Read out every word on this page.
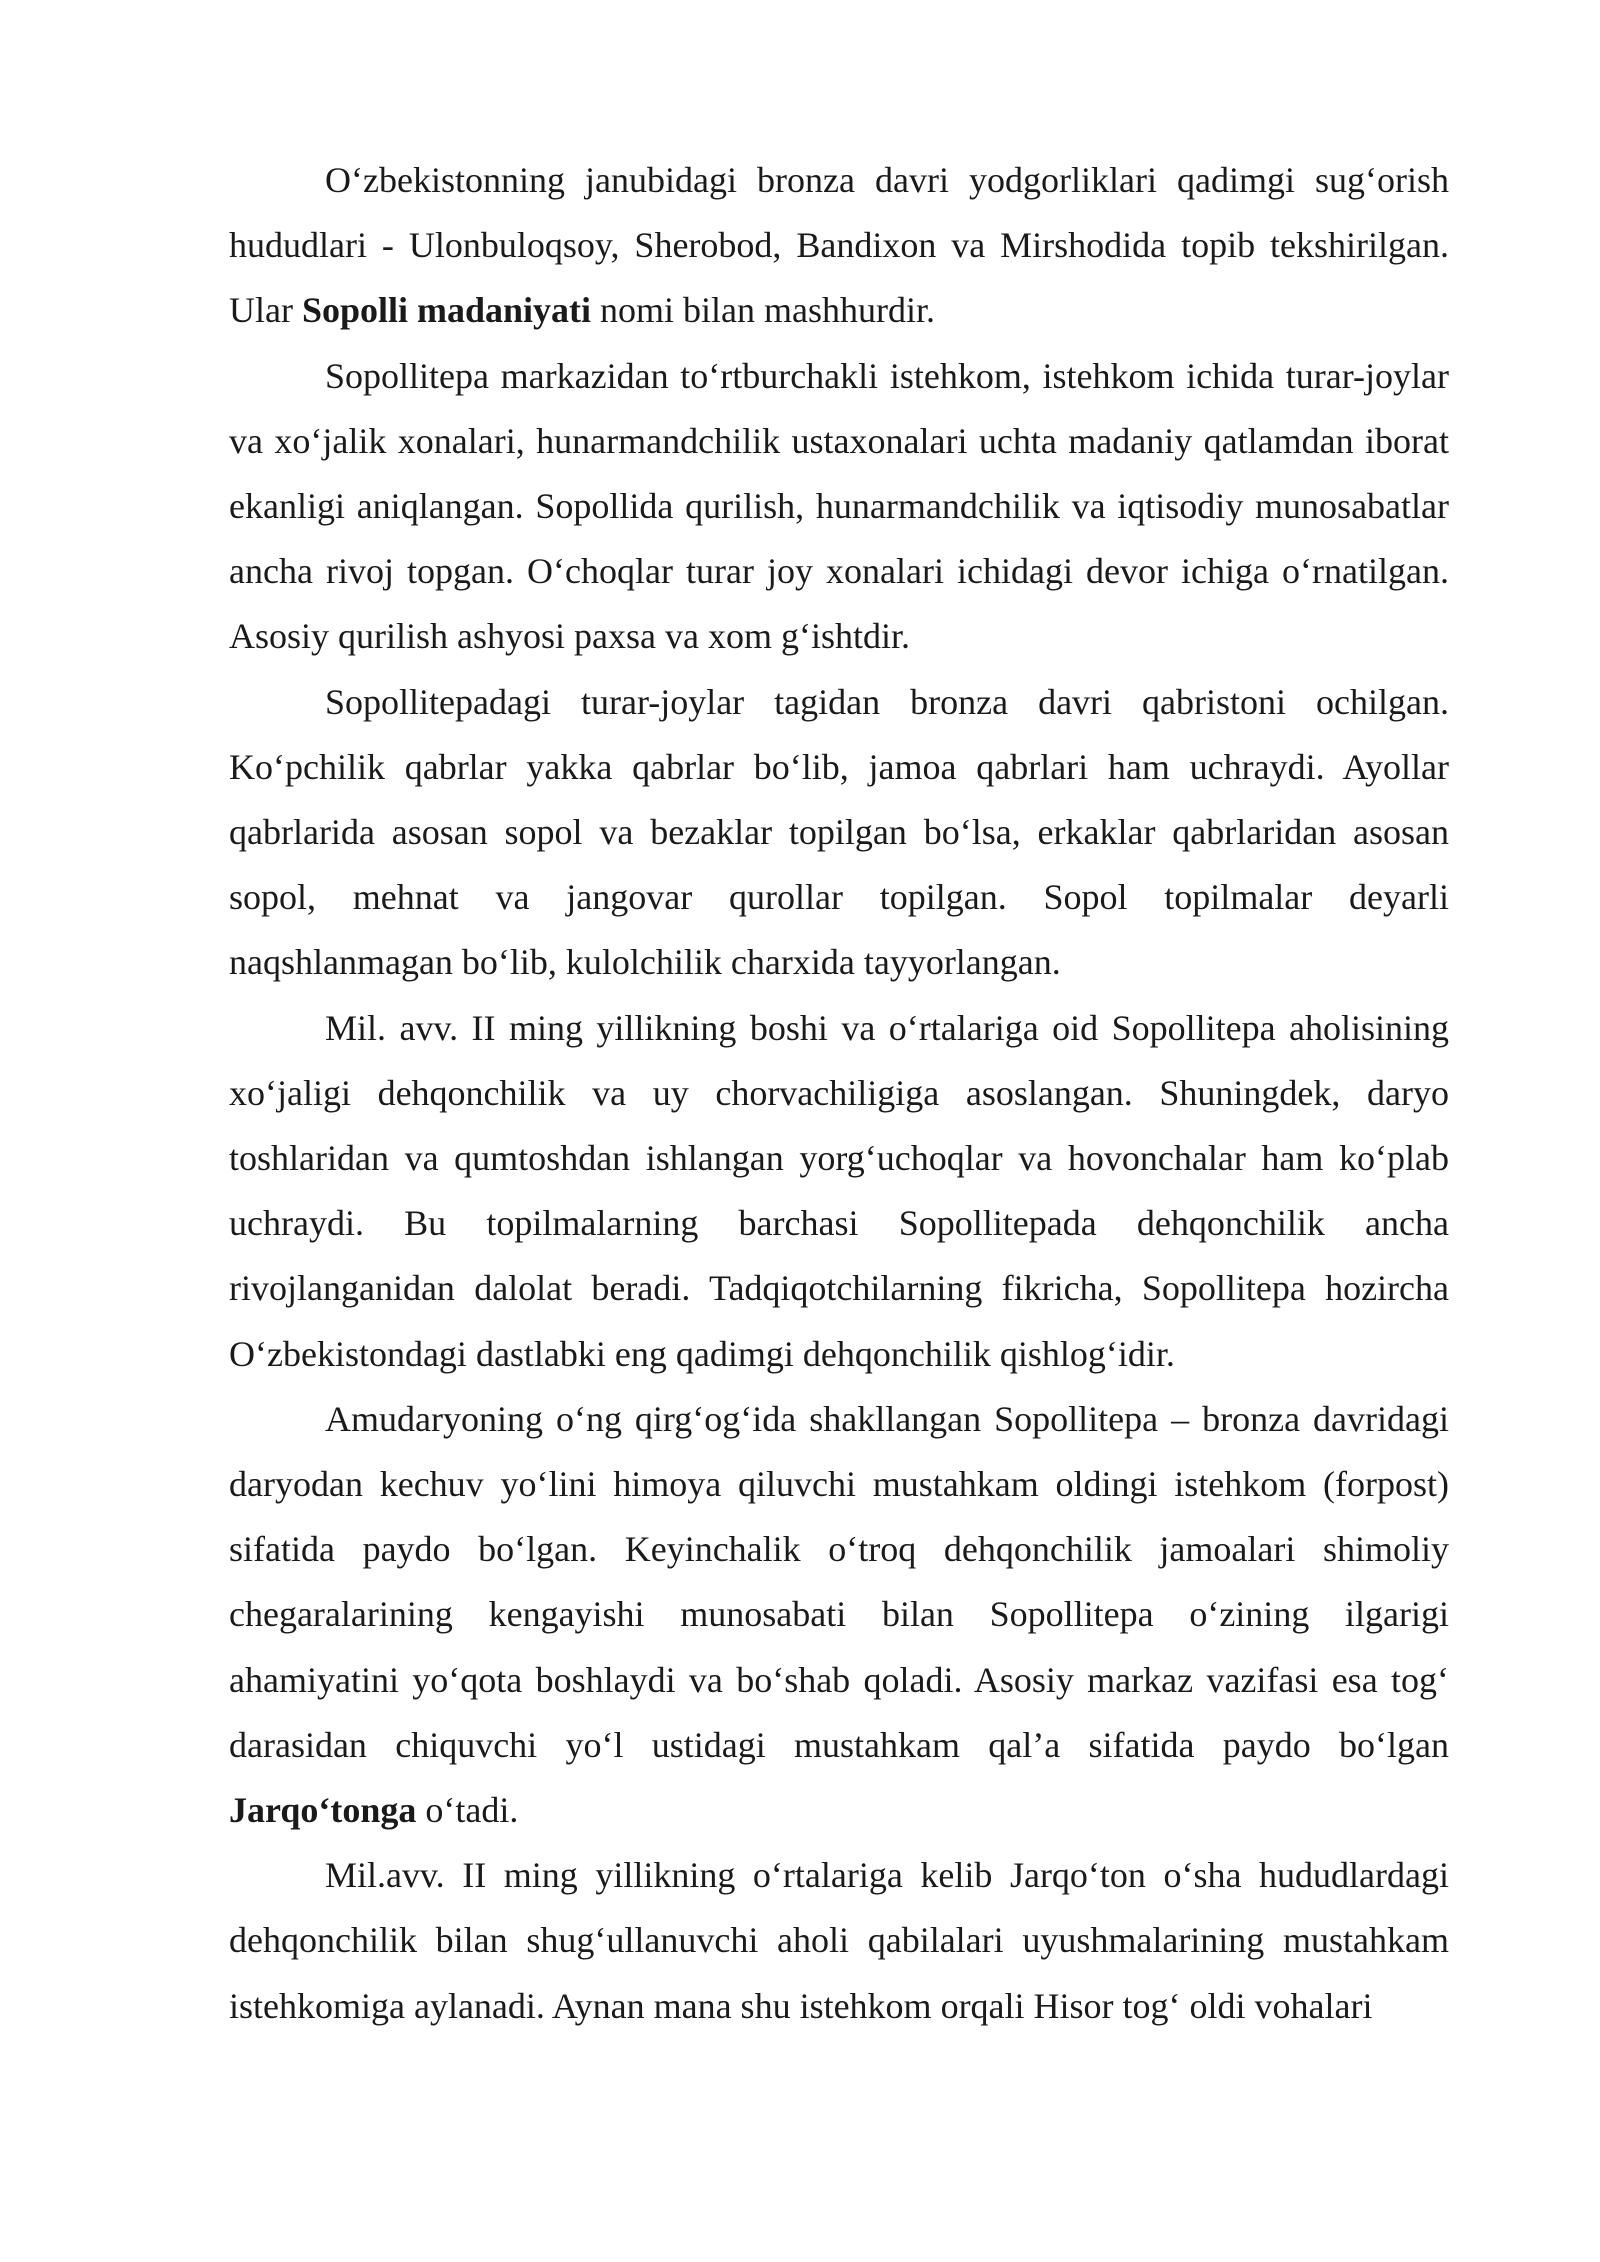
O‘zbekistonning janubidagi bronza davri yodgorliklari qadimgi sug‘orish hududlari - Ulonbuloqsoy, Sherobod, Bandixon va Mirshodida topib tekshirilgan. Ular Sopolli madaniyati nomi bilan mashhurdir.

Sopollitepa markazidan to‘rtburchakli istehkom, istehkom ichida turar-joylar va xo‘jalik xonalari, hunarmandchilik ustaxonalari uchta madaniy qatlamdan iborat ekanligi aniqlangan. Sopollida qurilish, hunarmandchilik va iqtisodiy munosabatlar ancha rivoj topgan. O‘choqlar turar joy xonalari ichidagi devor ichiga o‘rnatilgan. Asosiy qurilish ashyosi paxsa va xom g‘ishtdir.

Sopollitepadagi turar-joylar tagidan bronza davri qabristoni ochilgan. Ko‘pchilik qabrlar yakka qabrlar bo‘lib, jamoa qabrlari ham uchraydi. Ayollar qabrlarida asosan sopol va bezaklar topilgan bo‘lsa, erkaklar qabrlaridan asosan sopol, mehnat va jangovar qurollar topilgan. Sopol topilmalar deyarli naqshlanmagan bo‘lib, kulolchilik charxida tayyorlangan.

Mil. avv. II ming yillikning boshi va o‘rtalariga oid Sopollitepa aholisining xo‘jaligi dehqonchilik va uy chorvachiligiga asoslangan. Shuningdek, daryo toshlaridan va qumtoshdan ishlangan yorg‘uchoqlar va hovonchalar ham ko‘plab uchraydi. Bu topilmalarning barchasi Sopollitepada dehqonchilik ancha rivojlanganidan dalolat beradi. Tadqiqotchilarning fikricha, Sopollitepa hozircha O‘zbekistondagi dastlabki eng qadimgi dehqonchilik qishlog‘idir.

Amudaryoning o‘ng qirg‘og‘ida shakllangan Sopollitepa – bronza davridagi daryodan kechuv yo‘lini himoya qiluvchi mustahkam oldingi istehkom (forpost) sifatida paydo bo‘lgan. Keyinchalik o‘troq dehqonchilik jamoalari shimoliy chegaralarining kengayishi munosabati bilan Sopollitepa o‘zining ilgarigi ahamiyatini yo‘qota boshlaydi va bo‘shab qoladi. Asosiy markaz vazifasi esa tog‘ darasidan chiquvchi yo‘l ustidagi mustahkam qal’a sifatida paydo bo‘lgan Jarqo‘tonga o‘tadi.

Mil.avv. II ming yillikning o‘rtalariga kelib Jarqo‘ton o‘sha hududlardagi dehqonchilik bilan shug‘ullanuvchi aholi qabilalari uyushmalarining mustahkam istehkomiga aylanadi. Aynan mana shu istehkom orqali Hisor tog‘ oldi vohalari
